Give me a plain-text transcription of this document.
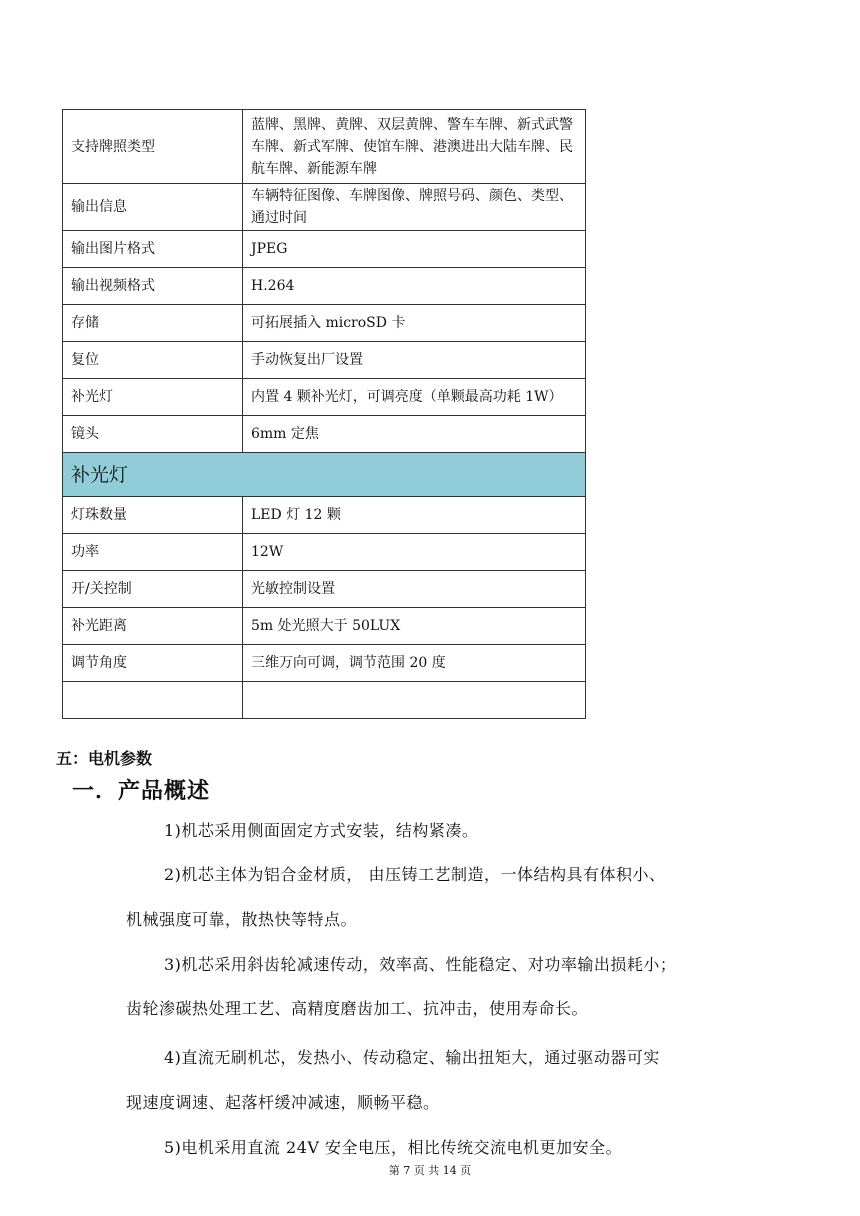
支持牌照类型	蓝牌、黑牌、黄牌、双层黄牌、警车车牌、新式武警车牌、新式军牌、使馆车牌、港澳进出大陆车牌、民航车牌、新能源车牌
输出信息	车辆特征图像、车牌图像、牌照号码、颜色、类型、通过时间
输出图片格式	JPEG
输出视频格式	H.264
存储	可拓展插入 microSD 卡
复位	手动恢复出厂设置
补光灯	内置 4 颗补光灯，可调亮度（单颗最高功耗 1W）
镜头	6mm 定焦
补光灯	
灯珠数量	LED 灯 12 颗
功率	12W
开/关控制	光敏控制设置
补光距离	5m 处光照大于 50LUX
调节角度	三维万向可调，调节范围 20 度

五：电机参数
一．产品概述
1)机芯采用侧面固定方式安装，结构紧凑。
2)机芯主体为铝合金材质， 由压铸工艺制造，一体结构具有体积小、
机械强度可靠，散热快等特点。
3)机芯采用斜齿轮减速传动，效率高、性能稳定、对功率输出损耗小；
齿轮渗碳热处理工艺、高精度磨齿加工、抗冲击，使用寿命长。
4)直流无刷机芯，发热小、传动稳定、输出扭矩大，通过驱动器可实
现速度调速、起落杆缓冲减速，顺畅平稳。
5)电机采用直流 24V 安全电压，相比传统交流电机更加安全。
第 7 页 共 14 页
